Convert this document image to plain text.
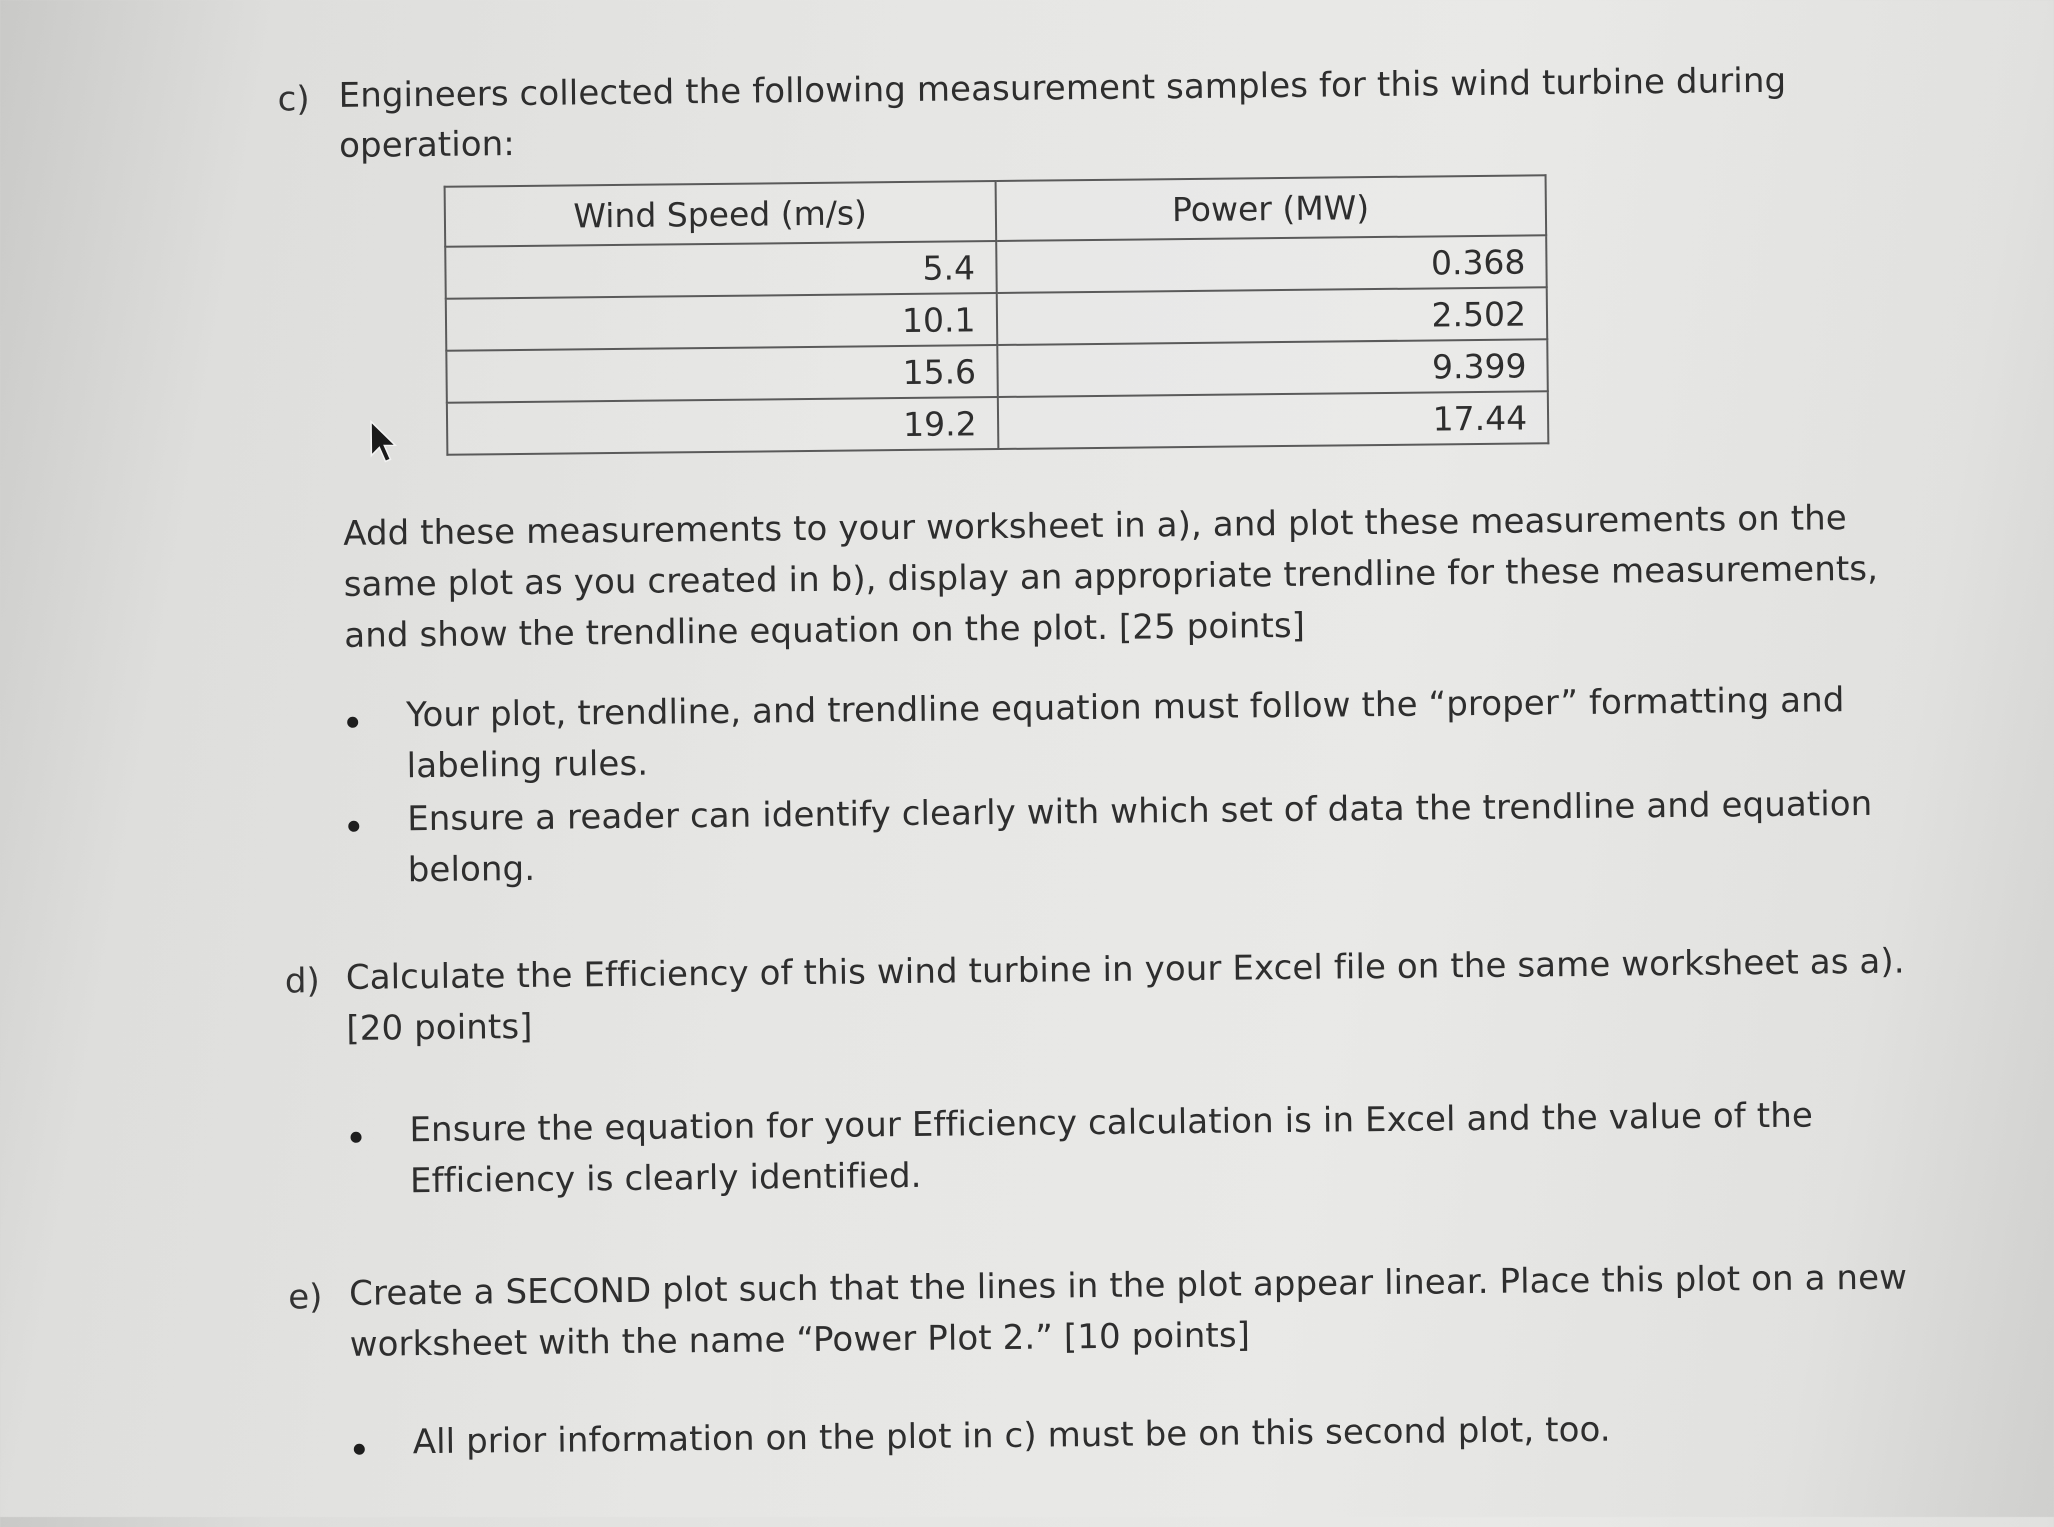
c) Engineers collected the following measurement samples for this wind turbine during
operation:
Wind Speed (m/s)	Power (MW)
5.4	0.368
10.1	2.502
15.6	9.399
19.2	17.44
Add these measurements to your worksheet in a), and plot these measurements on the
same plot as you created in b), display an appropriate trendline for these measurements,
and show the trendline equation on the plot. [25 points]
Your plot, trendline, and trendline equation must follow the “proper” formatting and
labeling rules.
Ensure a reader can identify clearly with which set of data the trendline and equation
belong.
d) Calculate the Efficiency of this wind turbine in your Excel file on the same worksheet as a).
[20 points]
Ensure the equation for your Efficiency calculation is in Excel and the value of the
Efficiency is clearly identified.
e) Create a SECOND plot such that the lines in the plot appear linear. Place this plot on a new
worksheet with the name “Power Plot 2.” [10 points]
All prior information on the plot in c) must be on this second plot, too.
